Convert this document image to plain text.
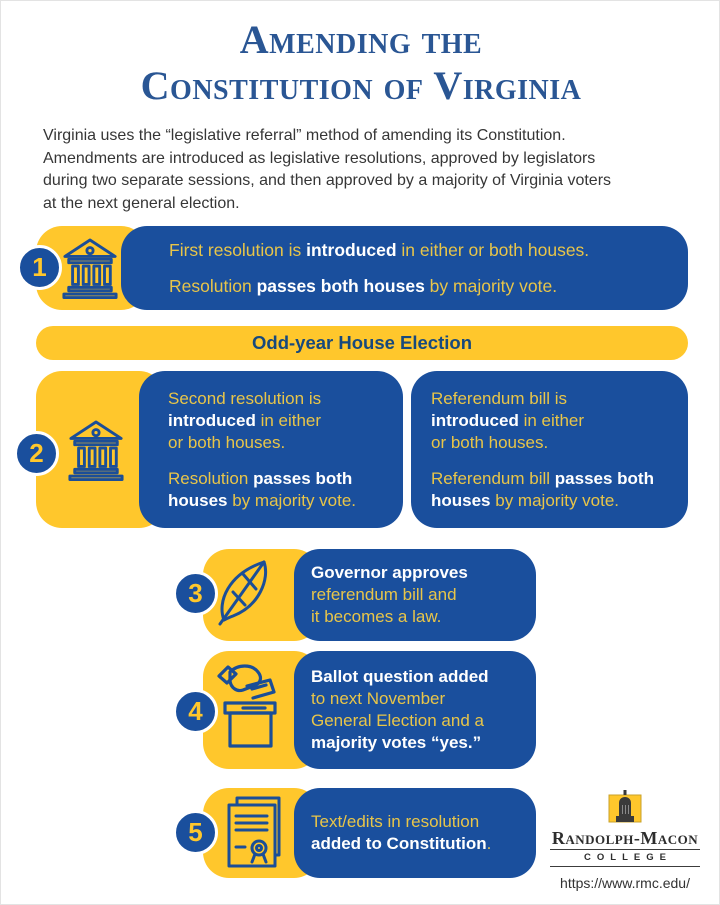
Amending the
Constitution of Virginia
Virginia uses the “legislative referral” method of amending its Constitution.
Amendments are introduced as legislative resolutions, approved by legislators
during two separate sessions, and then approved by a majority of Virginia voters
at the next general election.
First resolution is introduced in either or both houses.
Resolution passes both houses by majority vote.
Odd-year House Election
Second resolution is
introduced in either
or both houses.
Resolution passes both
houses by majority vote.
Referendum bill is
introduced in either
or both houses.
Referendum bill passes both
houses by majority vote.
Governor approves
referendum bill and
it becomes a law.
Ballot question added
to next November
General Election and a
majority votes “yes.”
Text/edits in resolution
added to Constitution.
1
2
3
4
5	Randolph-Macon
COLLEGE
https://www.rmc.edu/
